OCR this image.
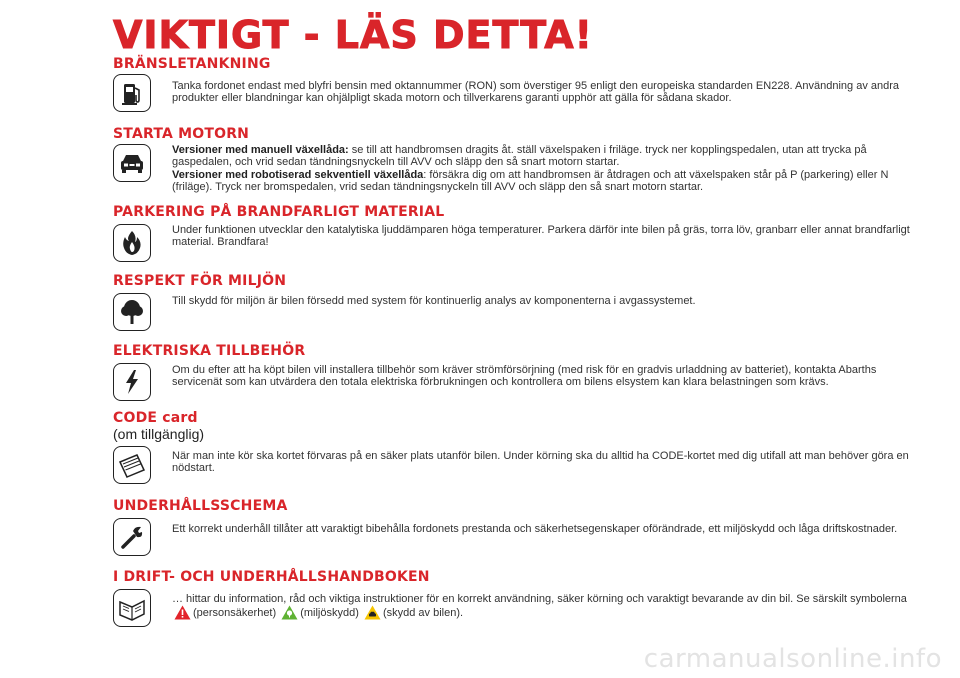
VIKTIGT - LÄS DETTA!
BRÄNSLETANKNING
Tanka fordonet endast med blyfri bensin med oktannummer (RON) som överstiger 95 enligt den europeiska standarden EN228. Användning av andra produkter eller blandningar kan ohjälpligt skada motorn och tillverkarens garanti upphör att gälla för sådana skador.
STARTA MOTORN
Versioner med manuell växellåda: se till att handbromsen dragits åt. ställ växelspaken i friläge. tryck ner kopplingspedalen, utan att trycka på gaspedalen, och vrid sedan tändningsnyckeln till AVV och släpp den så snart motorn startar.
Versioner med robotiserad sekventiell växellåda: försäkra dig om att handbromsen är åtdragen och att växelspaken står på P (parkering) eller N (friläge). Tryck ner bromspedalen, vrid sedan tändningsnyckeln till AVV och släpp den så snart motorn startar.
PARKERING PÅ BRANDFARLIGT MATERIAL
Under funktionen utvecklar den katalytiska ljuddämparen höga temperaturer. Parkera därför inte bilen på gräs, torra löv, granbarr eller annat brandfarligt material. Brandfara!
RESPEKT FÖR MILJÖN
Till skydd för miljön är bilen försedd med system för kontinuerlig analys av komponenterna i avgassystemet.
ELEKTRISKA TILLBEHÖR
Om du efter att ha köpt bilen vill installera tillbehör som kräver strömförsörjning (med risk för en gradvis urladdning av batteriet), kontakta Abarths servicenät som kan utvärdera den totala elektriska förbrukningen och kontrollera om bilens elsystem kan klara belastningen som krävs.
CODE card
(om tillgänglig)
När man inte kör ska kortet förvaras på en säker plats utanför bilen. Under körning ska du alltid ha CODE-kortet med dig utifall att man behöver göra en nödstart.
UNDERHÅLLSSCHEMA
Ett korrekt underhåll tillåter att varaktigt bibehålla fordonets prestanda och säkerhetsegenskaper oförändrade, ett miljöskydd och låga driftskostnader.
I DRIFT- OCH UNDERHÅLLSHANDBOKEN
… hittar du information, råd och viktiga instruktioner för en korrekt användning, säker körning och varaktigt bevarande av din bil. Se särskilt symbolerna (personsäkerhet) (miljöskydd) (skydd av bilen).
carmanualsonline.info
